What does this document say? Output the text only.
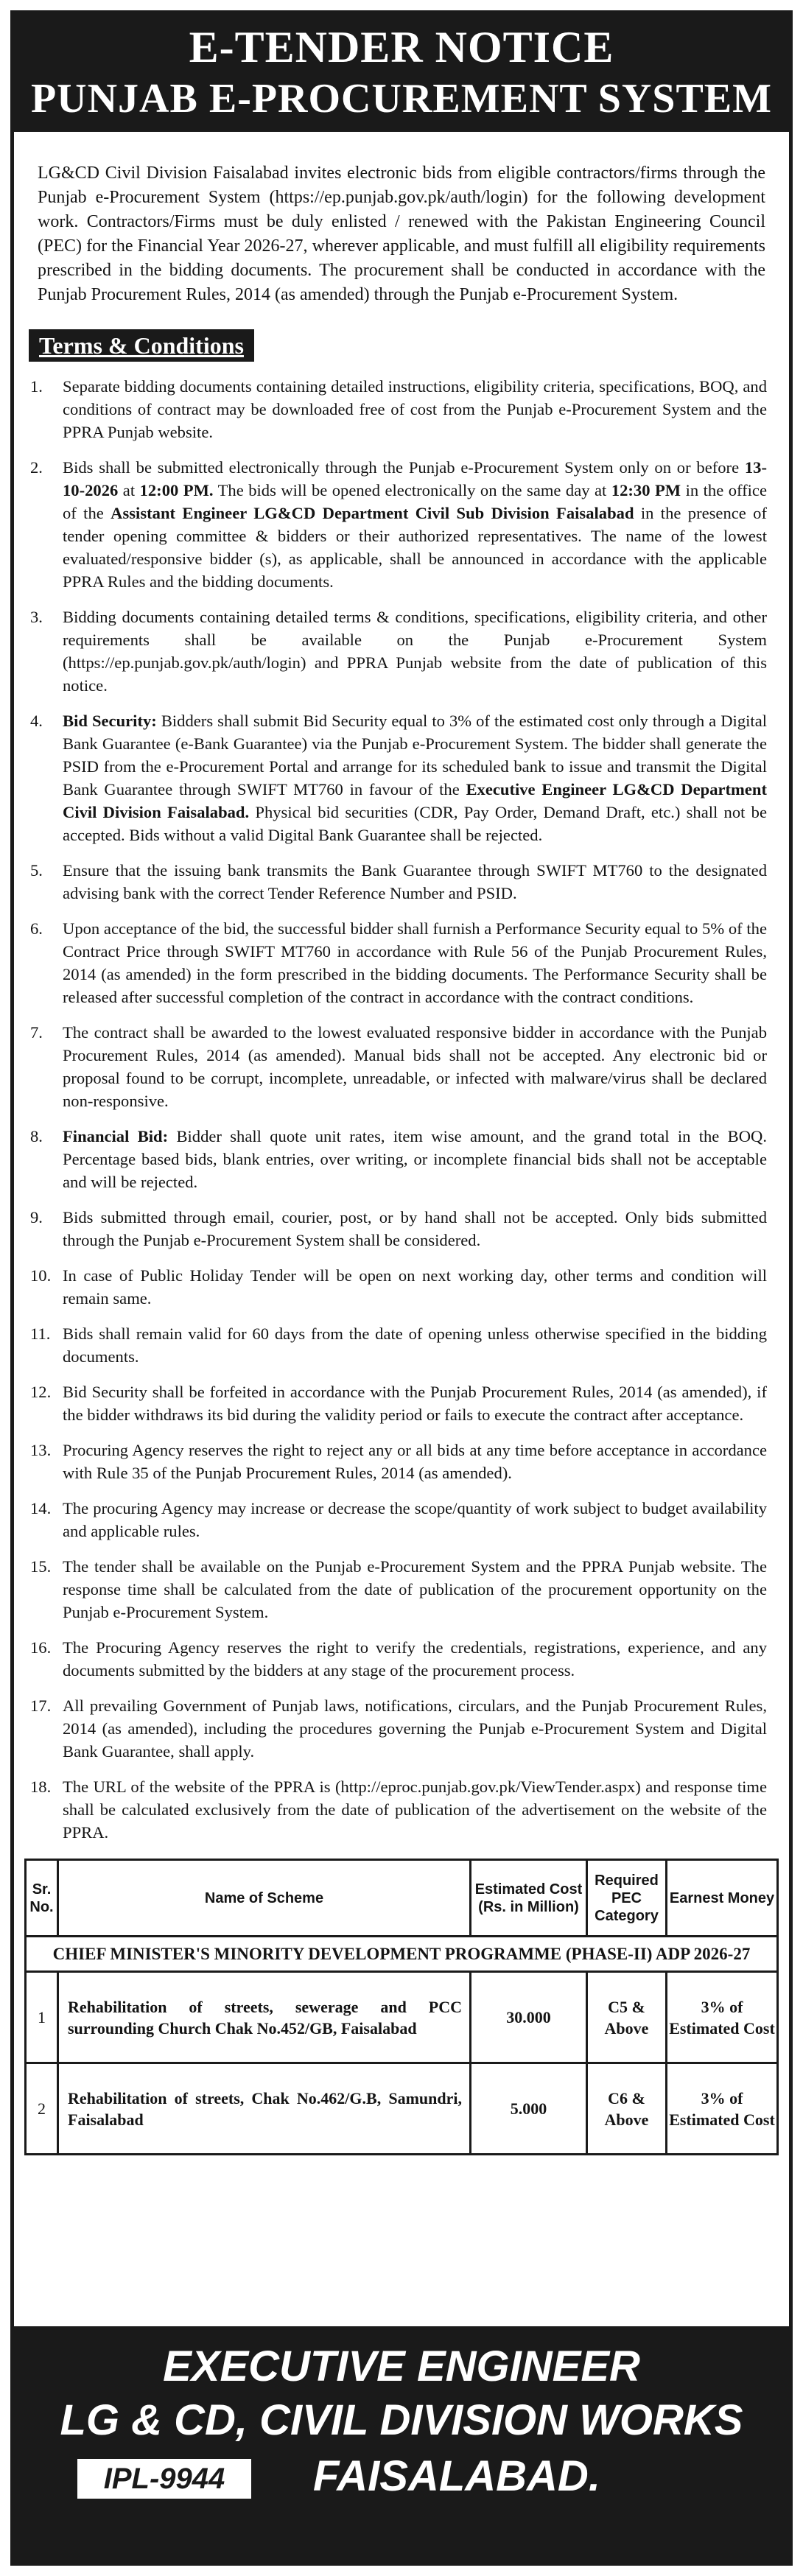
E-TENDER NOTICE
PUNJAB E-PROCUREMENT SYSTEM

LG&CD Civil Division Faisalabad invites electronic bids from eligible contractors/firms through the Punjab e-Procurement System (https://ep.punjab.gov.pk/auth/login) for the following development work. Contractors/Firms must be duly enlisted / renewed with the Pakistan Engineering Council (PEC) for the Financial Year 2026-27, wherever applicable, and must fulfill all eligibility requirements prescribed in the bidding documents. The procurement shall be conducted in accordance with the Punjab Procurement Rules, 2014 (as amended) through the Punjab e-Procurement System.

Terms & Conditions
1.	Separate bidding documents containing detailed instructions, eligibility criteria, specifications, BOQ, and conditions of contract may be downloaded free of cost from the Punjab e-Procurement System and the PPRA Punjab website.
2.	Bids shall be submitted electronically through the Punjab e-Procurement System only on or before 13-10-2026 at 12:00 PM. The bids will be opened electronically on the same day at 12:30 PM in the office of the Assistant Engineer LG&CD Department Civil Sub Division Faisalabad in the presence of tender opening committee & bidders or their authorized representatives. The name of the lowest evaluated/responsive bidder (s), as applicable, shall be announced in accordance with the applicable PPRA Rules and the bidding documents.
3.	Bidding documents containing detailed terms & conditions, specifications, eligibility criteria, and other requirements shall be available on the Punjab e-Procurement System (https://ep.punjab.gov.pk/auth/login) and PPRA Punjab website from the date of publication of this notice.
4.	Bid Security: Bidders shall submit Bid Security equal to 3% of the estimated cost only through a Digital Bank Guarantee (e-Bank Guarantee) via the Punjab e-Procurement System. The bidder shall generate the PSID from the e-Procurement Portal and arrange for its scheduled bank to issue and transmit the Digital Bank Guarantee through SWIFT MT760 in favour of the Executive Engineer LG&CD Department Civil Division Faisalabad. Physical bid securities (CDR, Pay Order, Demand Draft, etc.) shall not be accepted. Bids without a valid Digital Bank Guarantee shall be rejected.
5.	Ensure that the issuing bank transmits the Bank Guarantee through SWIFT MT760 to the designated advising bank with the correct Tender Reference Number and PSID.
6.	Upon acceptance of the bid, the successful bidder shall furnish a Performance Security equal to 5% of the Contract Price through SWIFT MT760 in accordance with Rule 56 of the Punjab Procurement Rules, 2014 (as amended) in the form prescribed in the bidding documents. The Performance Security shall be released after successful completion of the contract in accordance with the contract conditions.
7.	The contract shall be awarded to the lowest evaluated responsive bidder in accordance with the Punjab Procurement Rules, 2014 (as amended). Manual bids shall not be accepted. Any electronic bid or proposal found to be corrupt, incomplete, unreadable, or infected with malware/virus shall be declared non-responsive.
8.	Financial Bid: Bidder shall quote unit rates, item wise amount, and the grand total in the BOQ. Percentage based bids, blank entries, over writing, or incomplete financial bids shall not be acceptable and will be rejected.
9.	Bids submitted through email, courier, post, or by hand shall not be accepted. Only bids submitted through the Punjab e-Procurement System shall be considered.
10. In case of Public Holiday Tender will be open on next working day, other terms and condition will remain same.
11. Bids shall remain valid for 60 days from the date of opening unless otherwise specified in the bidding documents.
12. Bid Security shall be forfeited in accordance with the Punjab Procurement Rules, 2014 (as amended), if the bidder withdraws its bid during the validity period or fails to execute the contract after acceptance.
13. Procuring Agency reserves the right to reject any or all bids at any time before acceptance in accordance with Rule 35 of the Punjab Procurement Rules, 2014 (as amended).
14. The procuring Agency may increase or decrease the scope/quantity of work subject to budget availability and applicable rules.
15. The tender shall be available on the Punjab e-Procurement System and the PPRA Punjab website. The response time shall be calculated from the date of publication of the procurement opportunity on the Punjab e-Procurement System.
16. The Procuring Agency reserves the right to verify the credentials, registrations, experience, and any documents submitted by the bidders at any stage of the procurement process.
17. All prevailing Government of Punjab laws, notifications, circulars, and the Punjab Procurement Rules, 2014 (as amended), including the procedures governing the Punjab e-Procurement System and Digital Bank Guarantee, shall apply.
18. The URL of the website of the PPRA is (http://eproc.punjab.gov.pk/ViewTender.aspx) and response time shall be calculated exclusively from the date of publication of the advertisement on the website of the PPRA.
Sr. No.	Name of Scheme	Estimated Cost (Rs. in Million)	Required PEC Category	Earnest Money
CHIEF MINISTER'S MINORITY DEVELOPMENT PROGRAMME (PHASE-II) ADP 2026-27				
1	Rehabilitation of streets, sewerage and PCC surrounding Church Chak No.452/GB, Faisalabad	30.000	C5 & Above	3% of Estimated Cost
2	Rehabilitation of streets, Chak No.462/G.B, Samundri, Faisalabad	5.000	C6 & Above	3% of Estimated Cost
EXECUTIVE ENGINEER
LG & CD, CIVIL DIVISION WORKS
IPL-9944	FAISALABAD.
